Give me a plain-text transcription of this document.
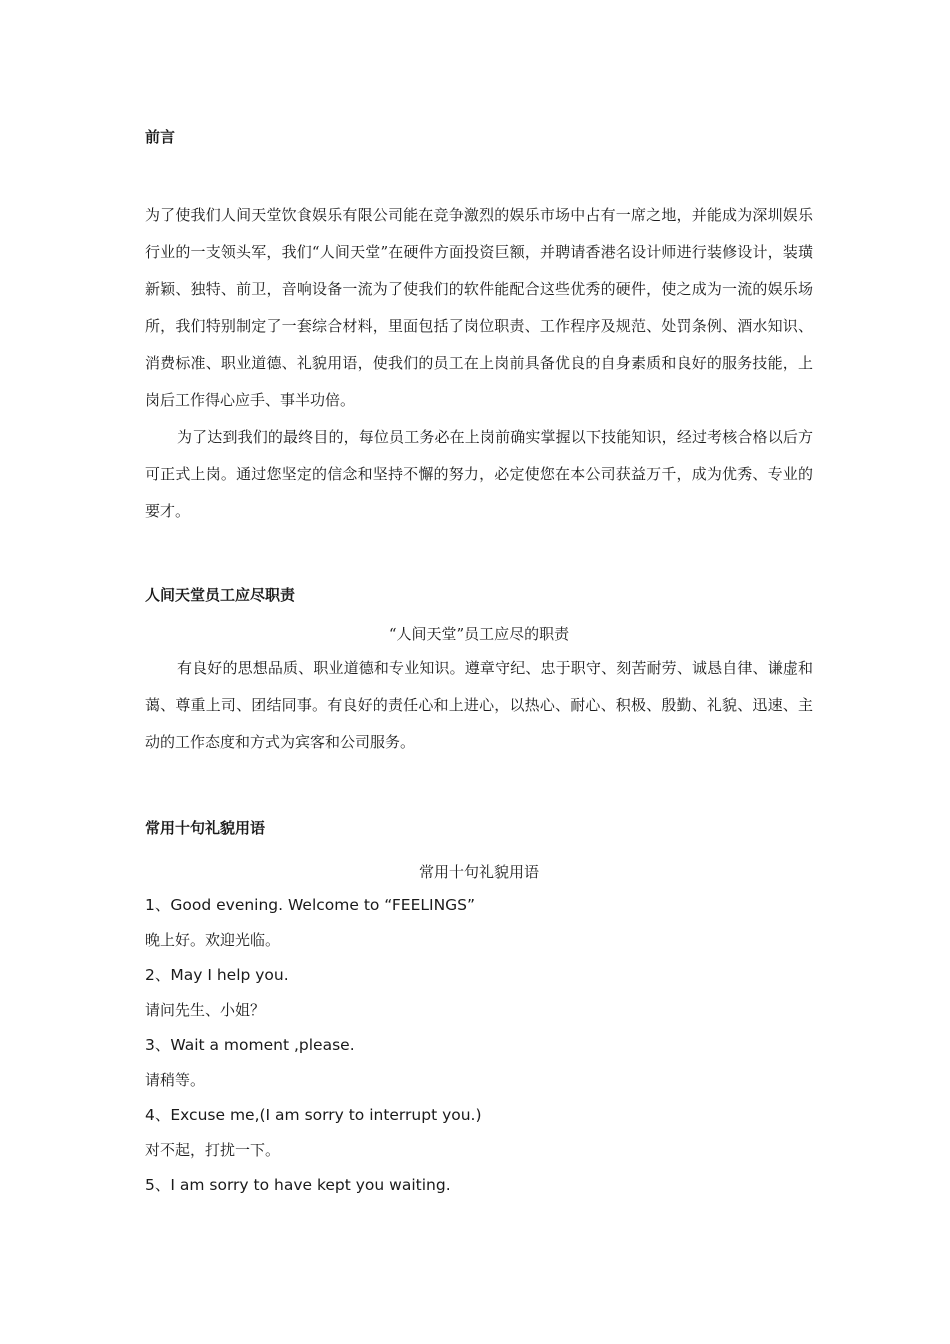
前言

为了使我们人间天堂饮食娱乐有限公司能在竞争激烈的娱乐市场中占有一席之地，并能成为深圳娱乐行业的一支领头军，我们“人间天堂”在硬件方面投资巨额，并聘请香港名设计师进行装修设计，装璜新颖、独特、前卫，音响设备一流为了使我们的软件能配合这些优秀的硬件，使之成为一流的娱乐场所，我们特别制定了一套综合材料，里面包括了岗位职责、工作程序及规范、处罚条例、酒水知识、消费标准、职业道德、礼貌用语，使我们的员工在上岗前具备优良的自身素质和良好的服务技能，上岗后工作得心应手、事半功倍。

为了达到我们的最终目的，每位员工务必在上岗前确实掌握以下技能知识，经过考核合格以后方可正式上岗。通过您坚定的信念和坚持不懈的努力，必定使您在本公司获益万千，成为优秀、专业的要才。

人间天堂员工应尽职责

“人间天堂”员工应尽的职责

有良好的思想品质、职业道德和专业知识。遵章守纪、忠于职守、刻苦耐劳、诚恳自律、谦虚和蔼、尊重上司、团结同事。有良好的责任心和上进心，以热心、耐心、积极、殷勤、礼貌、迅速、主动的工作态度和方式为宾客和公司服务。

常用十句礼貌用语

常用十句礼貌用语

1、Good evening. Welcome to “FEELINGS”

晚上好。欢迎光临。

2、May I help you.

请问先生、小姐？

3、Wait a moment ,please.

请稍等。

4、Excuse me,(I am sorry to interrupt you.)

对不起，打扰一下。

5、I am sorry to have kept you waiting.
